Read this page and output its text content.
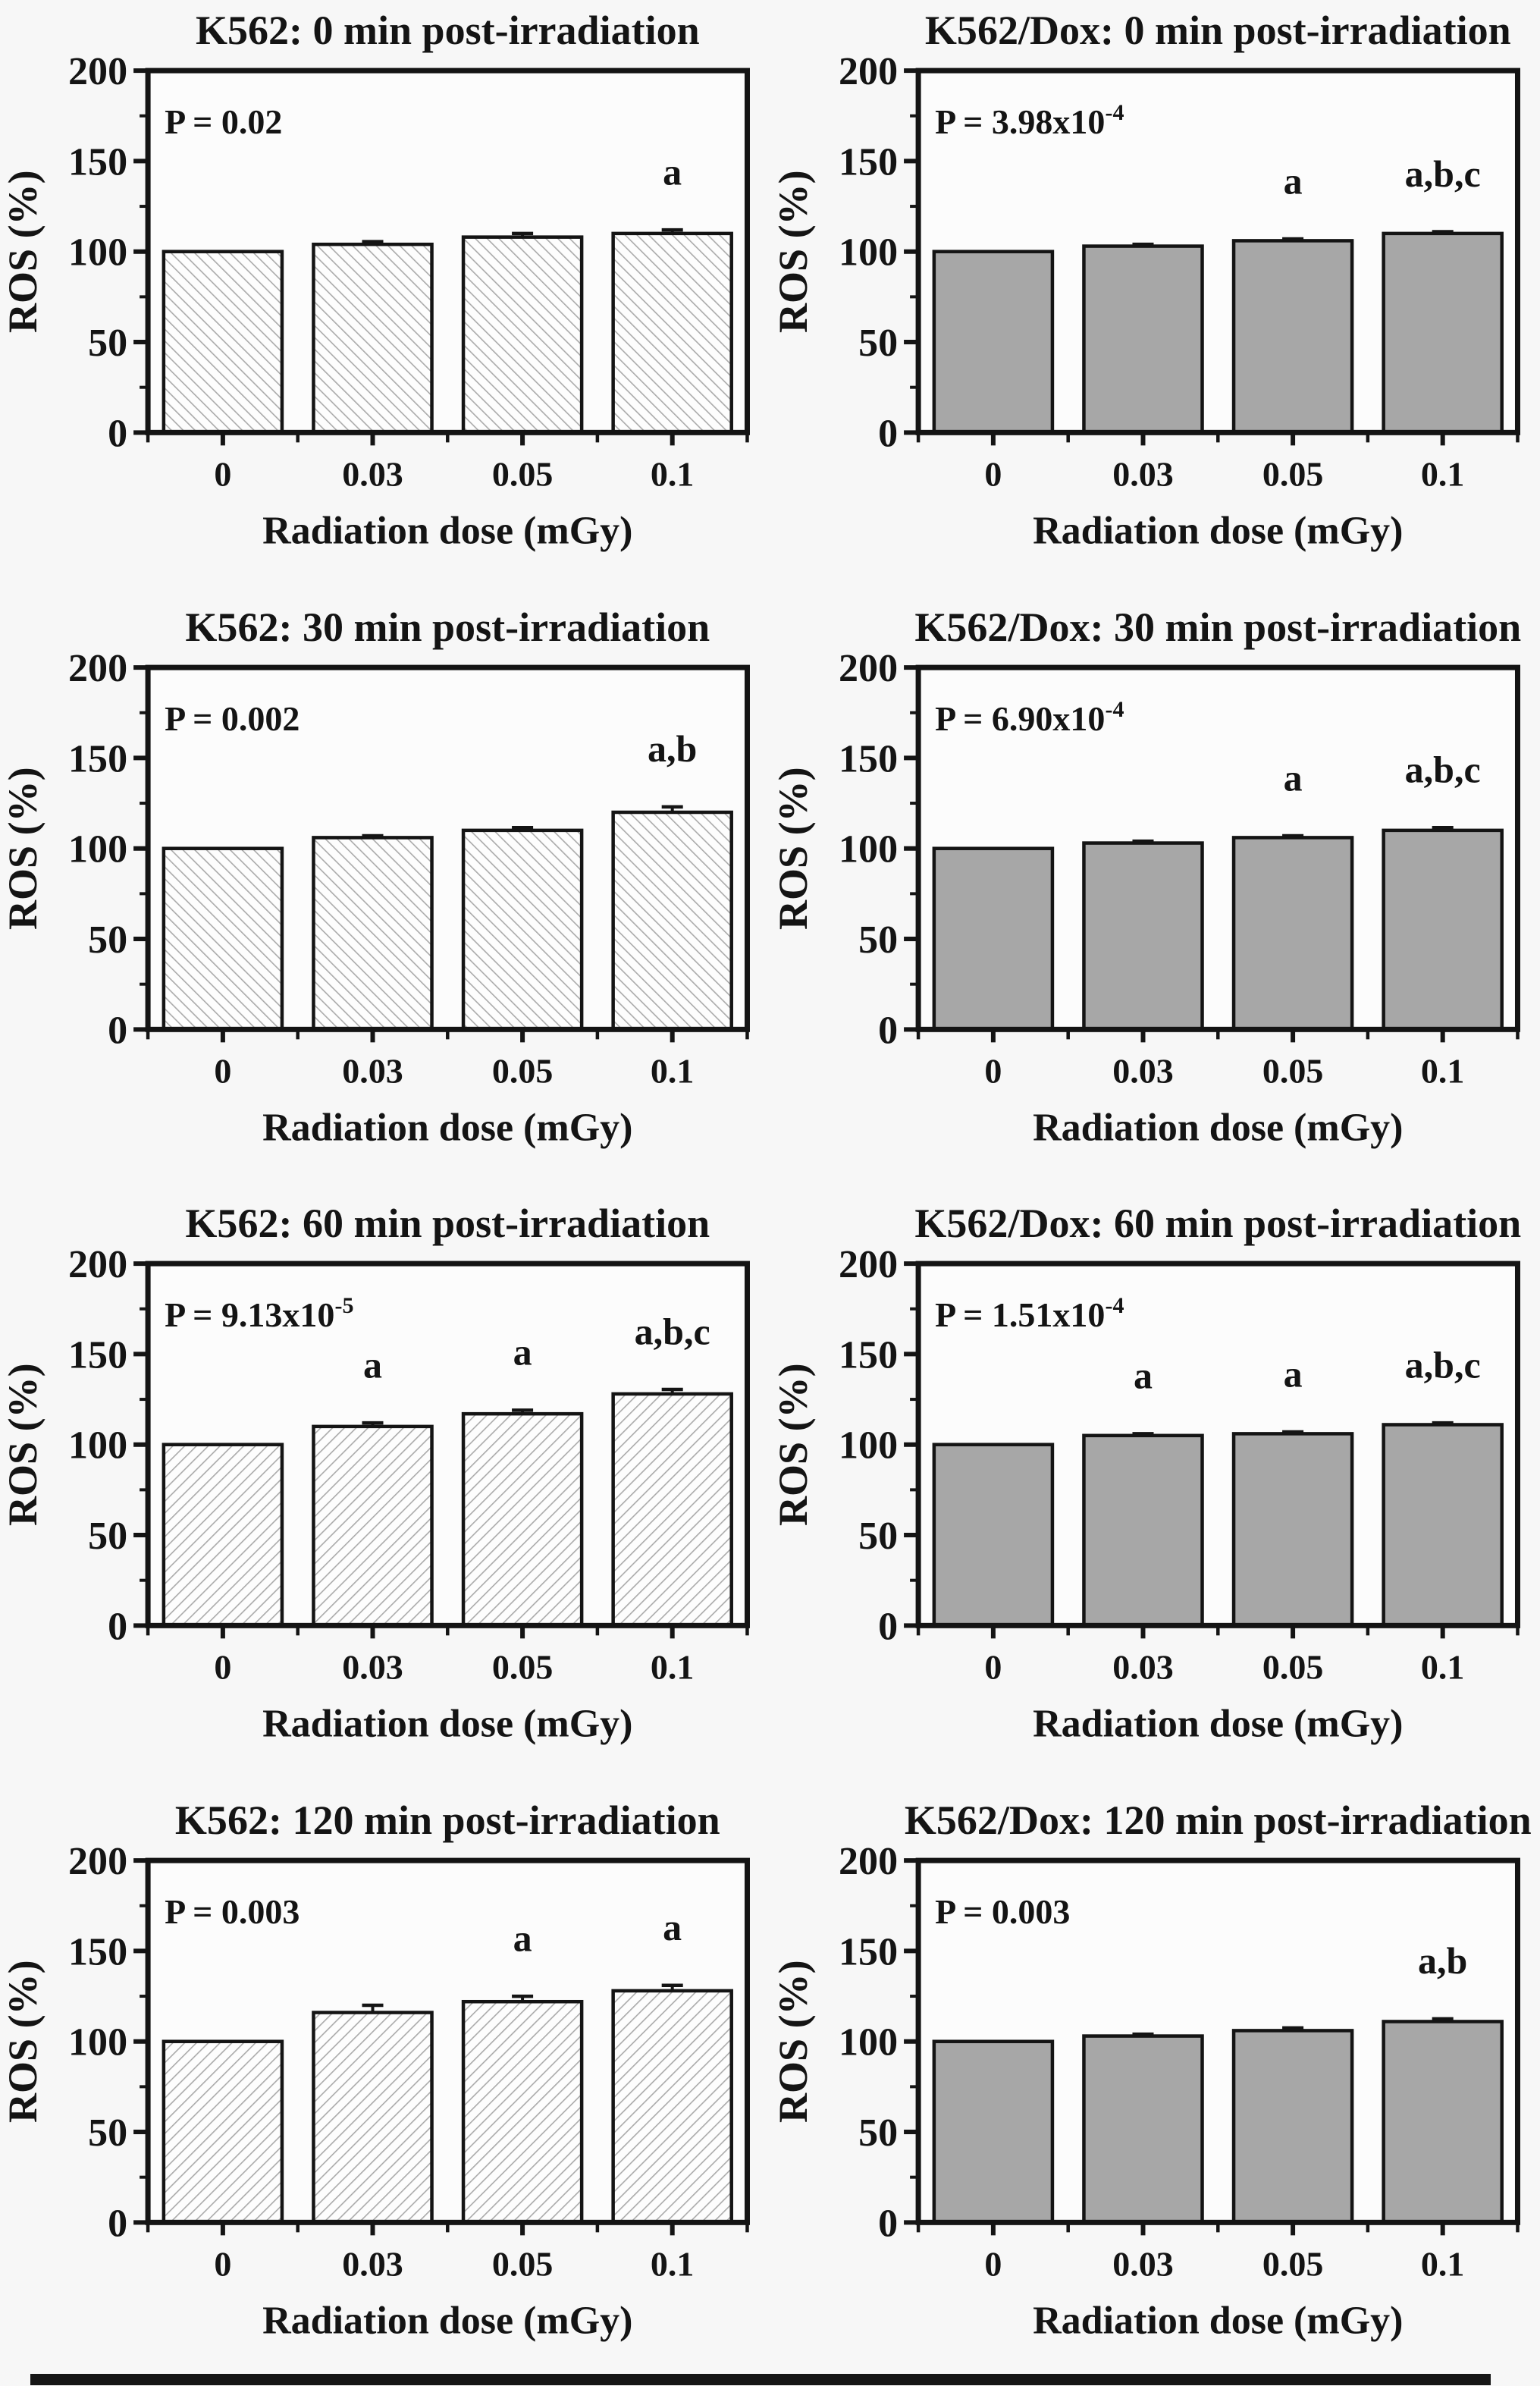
K562: 0 min post-irradiation
P = 0.02
0
50
100
150
200
0	0.03	0.05
a
0.1
Radiation dose (mGy)
ROS (%)
K562/Dox: 0 min post-irradiation
$P = 3.98x10^{-4}$
0
50
100
150
200
0	0.03
a
0.05
a,b,c
0.1
Radiation dose (mGy)
ROS (%)
K562: 30 min post-irradiation
P = 0.002
0
50
100
150
200
0	0.03	0.05
a,b
0.1
Radiation dose (mGy)
ROS (%)
K562/Dox: 30 min post-irradiation
$P = 6.90x10^{-4}$
0
50
100
150
200
0	0.03
a
0.05
a,b,c
0.1
Radiation dose (mGy)
ROS (%)
K562: 60 min post-irradiation
$P = 9.13x10^{-5}$
0
50
100
150
200
0
a
0.03
a
0.05
a,b,c
0.1
Radiation dose (mGy)
ROS (%)
K562/Dox: 60 min post-irradiation
$P = 1.51x10^{-4}$
0
50
100
150
200
0
a
0.03
a
0.05
a,b,c
0.1
Radiation dose (mGy)
ROS (%)
K562: 120 min post-irradiation
P = 0.003
0
50
100
150
200
0	0.03
a
0.05
a
0.1
Radiation dose (mGy)
ROS (%)
K562/Dox: 120 min post-irradiation
P = 0.003
0
50
100
150
200
0	0.03	0.05
a,b
0.1
Radiation dose (mGy)
ROS (%)
